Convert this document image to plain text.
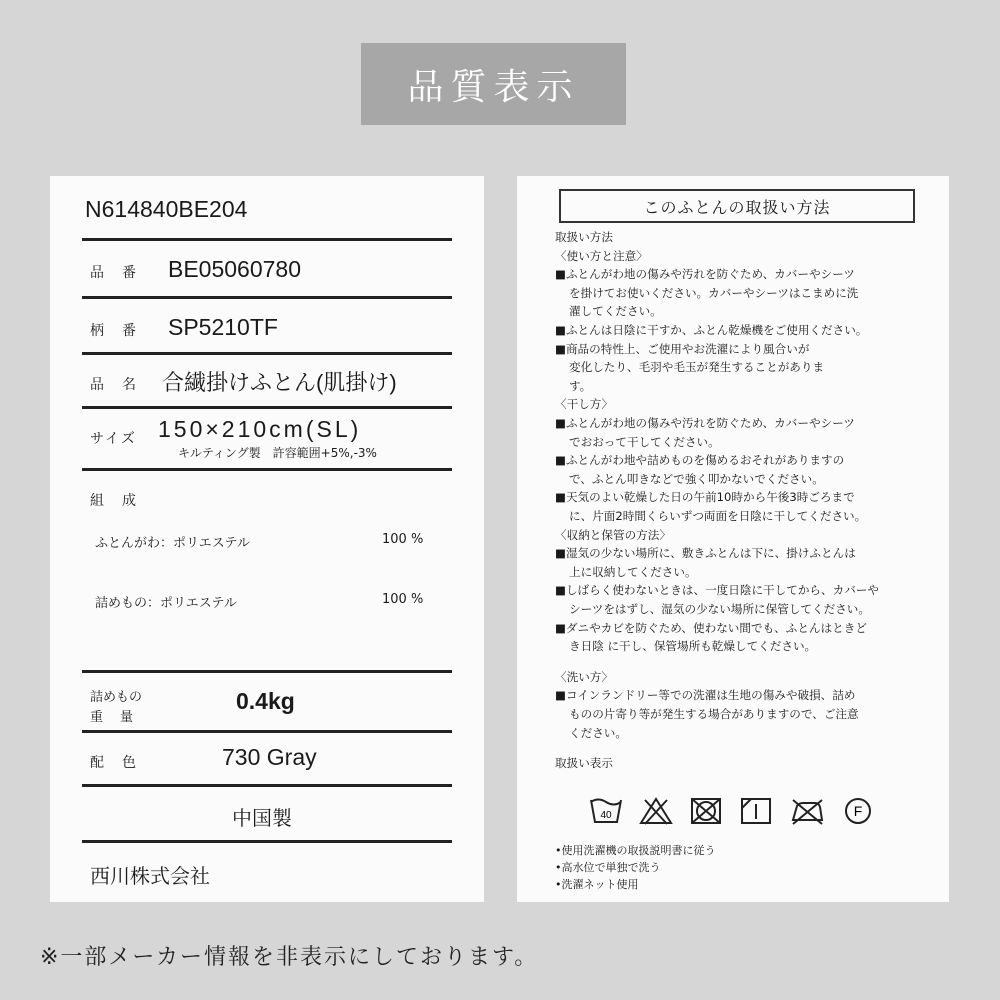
品質表示
N614840BE204
品　番 BE05060780
柄　番 SP5210TF
品　名 合繊掛けふとん(肌掛け)
サイズ 150×210cm(SL)
キルティング製　許容範囲+5%,-3%
組　成
ふとんがわ：ポリエステル	100 %
詰めもの：ポリエステル	100 %
詰めもの
重　量
0.4kg
配　色	730 Gray
中国製
西川株式会社
このふとんの取扱い方法
取扱い方法
〈使い方と注意〉
■ふとんがわ地の傷みや汚れを防ぐため、カバーやシーツ
を掛けてお使いください。カバーやシーツはこまめに洗
濯してください。
■ふとんは日陰に干すか、ふとん乾燥機をご使用ください。
■商品の特性上、ご使用やお洗濯により風合いが
変化したり、毛羽や毛玉が発生することがありま
す。
〈干し方〉
■ふとんがわ地の傷みや汚れを防ぐため、カバーやシーツ
でおおって干してください。
■ふとんがわ地や詰めものを傷めるおそれがありますの
で、ふとん叩きなどで強く叩かないでください。
■天気のよい乾燥した日の午前10時から午後3時ごろまで
に、片面2時間くらいずつ両面を日陰に干してください。
〈収納と保管の方法〉
■湿気の少ない場所に、敷きふとんは下に、掛けふとんは
上に収納してください。
■しばらく使わないときは、一度日陰に干してから、カバーや
シーツをはずし、湿気の少ない場所に保管してください。
■ダニやカビを防ぐため、使わない間でも、ふとんはときど
き日陰 に干し、保管場所も乾燥してください。
〈洗い方〉
■コインランドリー等での洗濯は生地の傷みや破損、詰め
ものの片寄り等が発生する場合がありますので、ご注意
ください。
取扱い表示
40	F
•使用洗濯機の取扱説明書に従う
•高水位で単独で洗う
•洗濯ネット使用
※一部メーカー情報を非表示にしております。
